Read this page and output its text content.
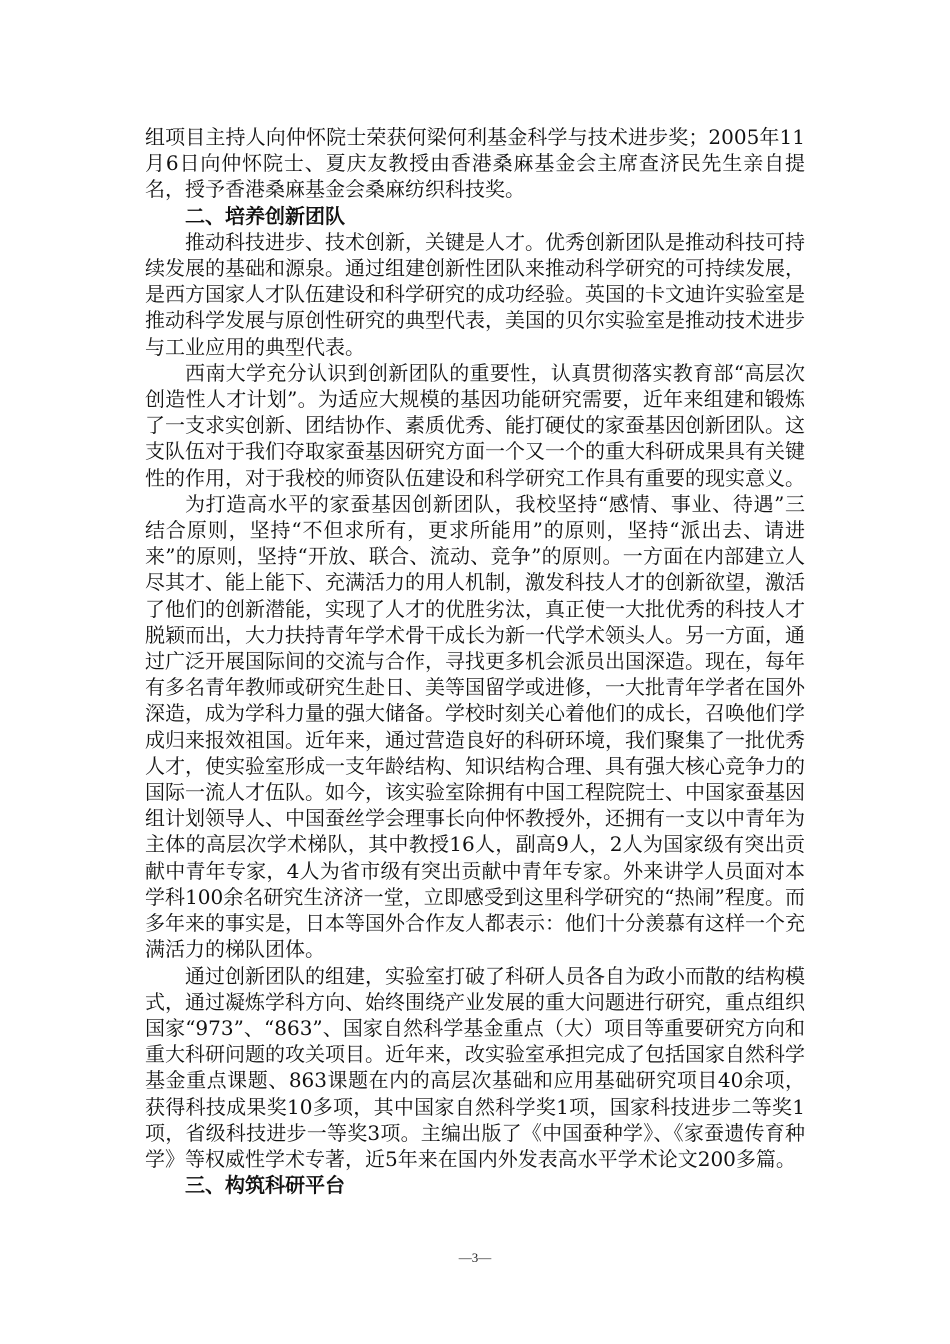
组项目主持人向仲怀院士荣获何梁何利基金科学与技术进步奖；2005年11月6日向仲怀院士、夏庆友教授由香港桑麻基金会主席查济民先生亲自提名，授予香港桑麻基金会桑麻纺织科技奖。

二、培养创新团队

推动科技进步、技术创新，关键是人才。优秀创新团队是推动科技可持续发展的基础和源泉。通过组建创新性团队来推动科学研究的可持续发展，是西方国家人才队伍建设和科学研究的成功经验。英国的卡文迪许实验室是推动科学发展与原创性研究的典型代表，美国的贝尔实验室是推动技术进步与工业应用的典型代表。

西南大学充分认识到创新团队的重要性，认真贯彻落实教育部“高层次创造性人才计划”。为适应大规模的基因功能研究需要，近年来组建和锻炼了一支求实创新、团结协作、素质优秀、能打硬仗的家蚕基因创新团队。这支队伍对于我们夺取家蚕基因研究方面一个又一个的重大科研成果具有关键性的作用，对于我校的师资队伍建设和科学研究工作具有重要的现实意义。

为打造高水平的家蚕基因创新团队，我校坚持“感情、事业、待遇”三结合原则，坚持“不但求所有，更求所能用”的原则，坚持“派出去、请进来”的原则，坚持“开放、联合、流动、竞争”的原则。一方面在内部建立人尽其才、能上能下、充满活力的用人机制，激发科技人才的创新欲望，激活了他们的创新潜能，实现了人才的优胜劣汰，真正使一大批优秀的科技人才脱颖而出，大力扶持青年学术骨干成长为新一代学术领头人。另一方面，通过广泛开展国际间的交流与合作，寻找更多机会派员出国深造。现在，每年有多名青年教师或研究生赴日、美等国留学或进修，一大批青年学者在国外深造，成为学科力量的强大储备。学校时刻关心着他们的成长，召唤他们学成归来报效祖国。近年来，通过营造良好的科研环境，我们聚集了一批优秀人才，使实验室形成一支年龄结构、知识结构合理、具有强大核心竞争力的国际一流人才伍队。如今，该实验室除拥有中国工程院院士、中国家蚕基因组计划领导人、中国蚕丝学会理事长向仲怀教授外，还拥有一支以中青年为主体的高层次学术梯队，其中教授16人，副高9人，2人为国家级有突出贡献中青年专家，4人为省市级有突出贡献中青年专家。外来讲学人员面对本学科100余名研究生济济一堂，立即感受到这里科学研究的“热闹”程度。而多年来的事实是，日本等国外合作友人都表示：他们十分羡慕有这样一个充满活力的梯队团体。

通过创新团队的组建，实验室打破了科研人员各自为政小而散的结构模式，通过凝炼学科方向、始终围绕产业发展的重大问题进行研究，重点组织国家“973”、“863”、国家自然科学基金重点（大）项目等重要研究方向和重大科研问题的攻关项目。近年来，改实验室承担完成了包括国家自然科学基金重点课题、863课题在内的高层次基础和应用基础研究项目40余项，获得科技成果奖10多项，其中国家自然科学奖1项，国家科技进步二等奖1项，省级科技进步一等奖3项。主编出版了《中国蚕种学》、《家蚕遗传育种学》等权威性学术专著，近5年来在国内外发表高水平学术论文200多篇。

三、构筑科研平台

—3—
